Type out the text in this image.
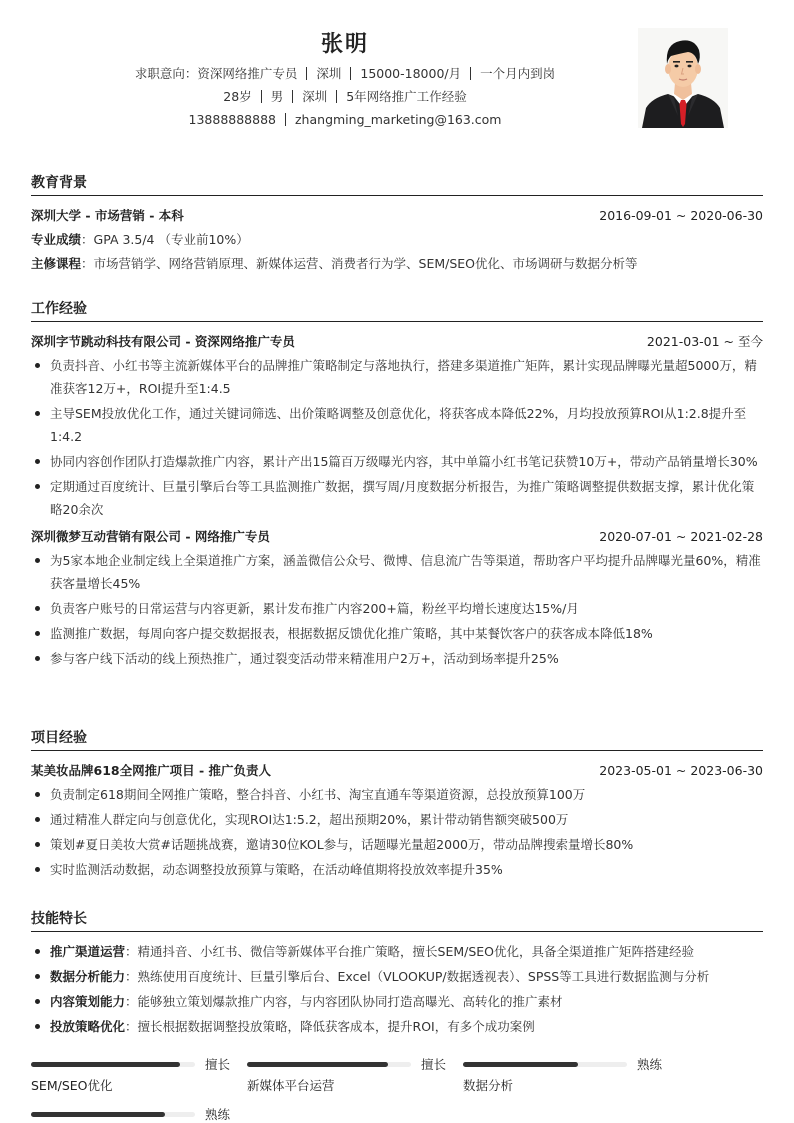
张明
求职意向：资深网络推广专员 深圳 15000-18000/月 一个月内到岗
28岁 男 深圳 5年网络推广工作经验
13888888888 zhangming_marketing@163.com
教育背景
深圳大学 - 市场营销 - 本科	2016-09-01 ~ 2020-06-30
专业成绩：GPA 3.5/4 （专业前10%）
主修课程：市场营销学、网络营销原理、新媒体运营、消费者行为学、SEM/SEO优化、市场调研与数据分析等
工作经验
深圳字节跳动科技有限公司 - 资深网络推广专员	2021-03-01 ~ 至今
负责抖音、小红书等主流新媒体平台的品牌推广策略制定与落地执行，搭建多渠道推广矩阵，累计实现品牌曝光量超5000万，精准获客12万+，ROI提升至1:4.5
主导SEM投放优化工作，通过关键词筛选、出价策略调整及创意优化，将获客成本降低22%，月均投放预算ROI从1:2.8提升至1:4.2
协同内容创作团队打造爆款推广内容，累计产出15篇百万级曝光内容，其中单篇小红书笔记获赞10万+，带动产品销量增长30%
定期通过百度统计、巨量引擎后台等工具监测推广数据，撰写周/月度数据分析报告，为推广策略调整提供数据支撑，累计优化策略20余次
深圳微梦互动营销有限公司 - 网络推广专员	2020-07-01 ~ 2021-02-28
为5家本地企业制定线上全渠道推广方案，涵盖微信公众号、微博、信息流广告等渠道，帮助客户平均提升品牌曝光量60%，精准获客量增长45%
负责客户账号的日常运营与内容更新，累计发布推广内容200+篇，粉丝平均增长速度达15%/月
监测推广数据，每周向客户提交数据报表，根据数据反馈优化推广策略，其中某餐饮客户的获客成本降低18%
参与客户线下活动的线上预热推广，通过裂变活动带来精准用户2万+，活动到场率提升25%
项目经验
某美妆品牌618全网推广项目 - 推广负责人	2023-05-01 ~ 2023-06-30
负责制定618期间全网推广策略，整合抖音、小红书、淘宝直通车等渠道资源，总投放预算100万
通过精准人群定向与创意优化，实现ROI达1:5.2，超出预期20%，累计带动销售额突破500万
策划#夏日美妆大赏#话题挑战赛，邀请30位KOL参与，话题曝光量超2000万，带动品牌搜索量增长80%
实时监测活动数据，动态调整投放预算与策略，在活动峰值期将投放效率提升35%
技能特长
推广渠道运营：精通抖音、小红书、微信等新媒体平台推广策略，擅长SEM/SEO优化，具备全渠道推广矩阵搭建经验
数据分析能力：熟练使用百度统计、巨量引擎后台、Excel（VLOOKUP/数据透视表）、SPSS等工具进行数据监测与分析
内容策划能力：能够独立策划爆款推广内容，与内容团队协同打造高曝光、高转化的推广素材
投放策略优化：擅长根据数据调整投放策略，降低获客成本，提升ROI，有多个成功案例
擅长
SEM/SEO优化
擅长
新媒体平台运营
熟练
数据分析
熟练
